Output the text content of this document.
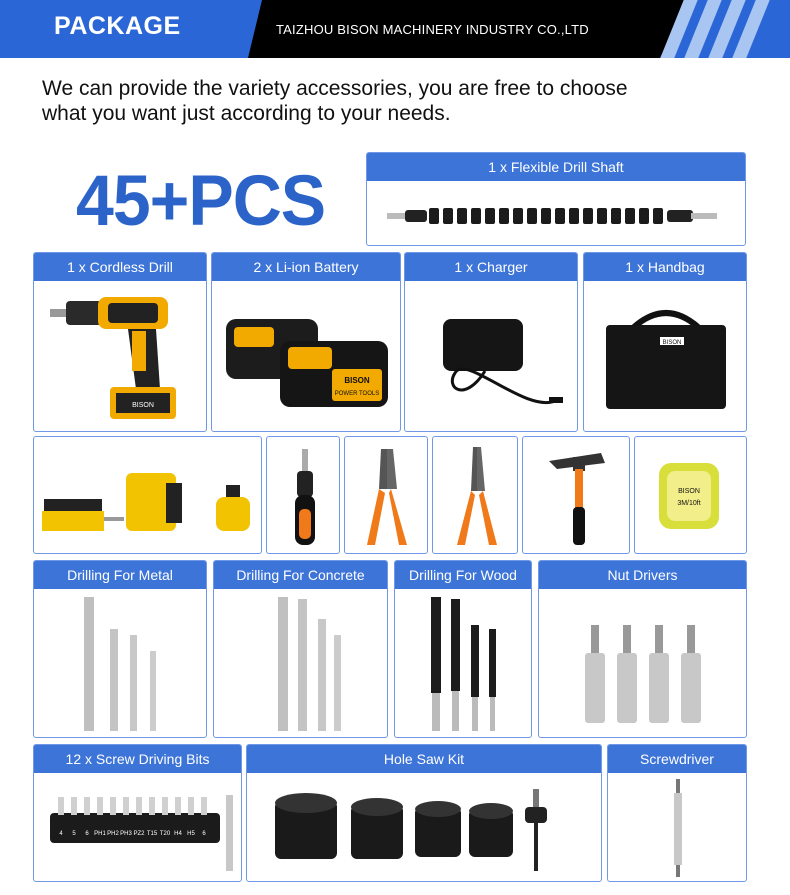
PACKAGE	TAIZHOU BISON MACHINERY INDUSTRY CO.,LTD
We can provide the variety accessories, you are free to choose
what you want just according to your needs.
45+PCS	1 x Flexible Drill Shaft
1 x Cordless Drill
BISON
2 x Li-ion Battery
BISON
POWER TOOLS
1 x Charger	1 x Handbag
BISON
BISON
3M/10ft
Drilling For Metal	Drilling For Concrete	Drilling For Wood	Nut Drivers
12 x Screw Driving Bits
4 5 6 PH1 PH2 PH3 PZ2 T15 T20 H4 H5 6
Hole Saw Kit	Screwdriver
